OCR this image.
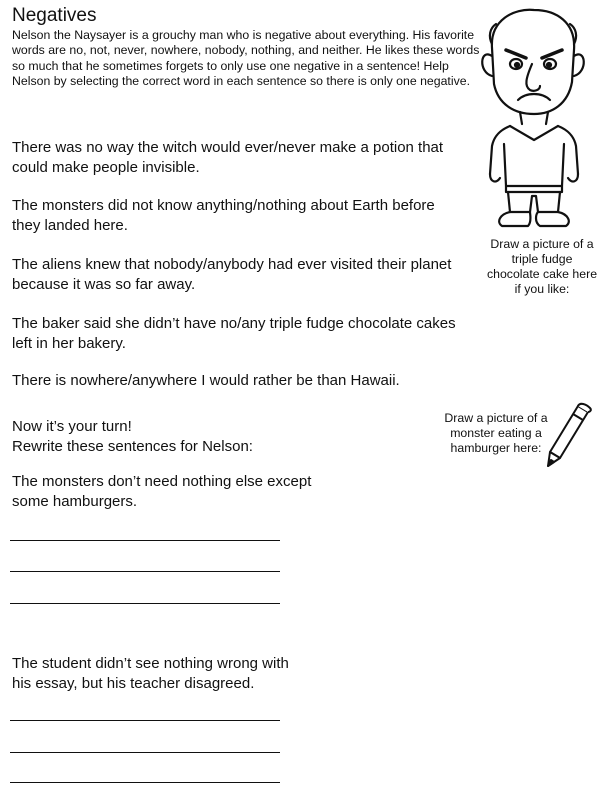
Negatives

Nelson the Naysayer is a grouchy man who is negative about everything. His favorite words are no, not, never, nowhere, nobody, nothing, and neither. He likes these words so much that he sometimes forgets to only use one negative in a sentence! Help Nelson by selecting the correct word in each sentence so there is only one negative.

Draw a picture of a triple fudge chocolate cake here if you like:

There was no way the witch would ever/never make a potion that could make people invisible.

The monsters did not know anything/nothing about Earth before they landed here.

The aliens knew that nobody/anybody had ever visited their planet because it was so far away.

The baker said she didn’t have no/any triple fudge chocolate cakes left in her bakery.

There is nowhere/anywhere I would rather be than Hawaii.

Now it’s your turn!
Rewrite these sentences for Nelson:

Draw a picture of a monster eating a hamburger here:

The monsters don’t need nothing else except some hamburgers.

The student didn’t see nothing wrong with his essay, but his teacher disagreed.
